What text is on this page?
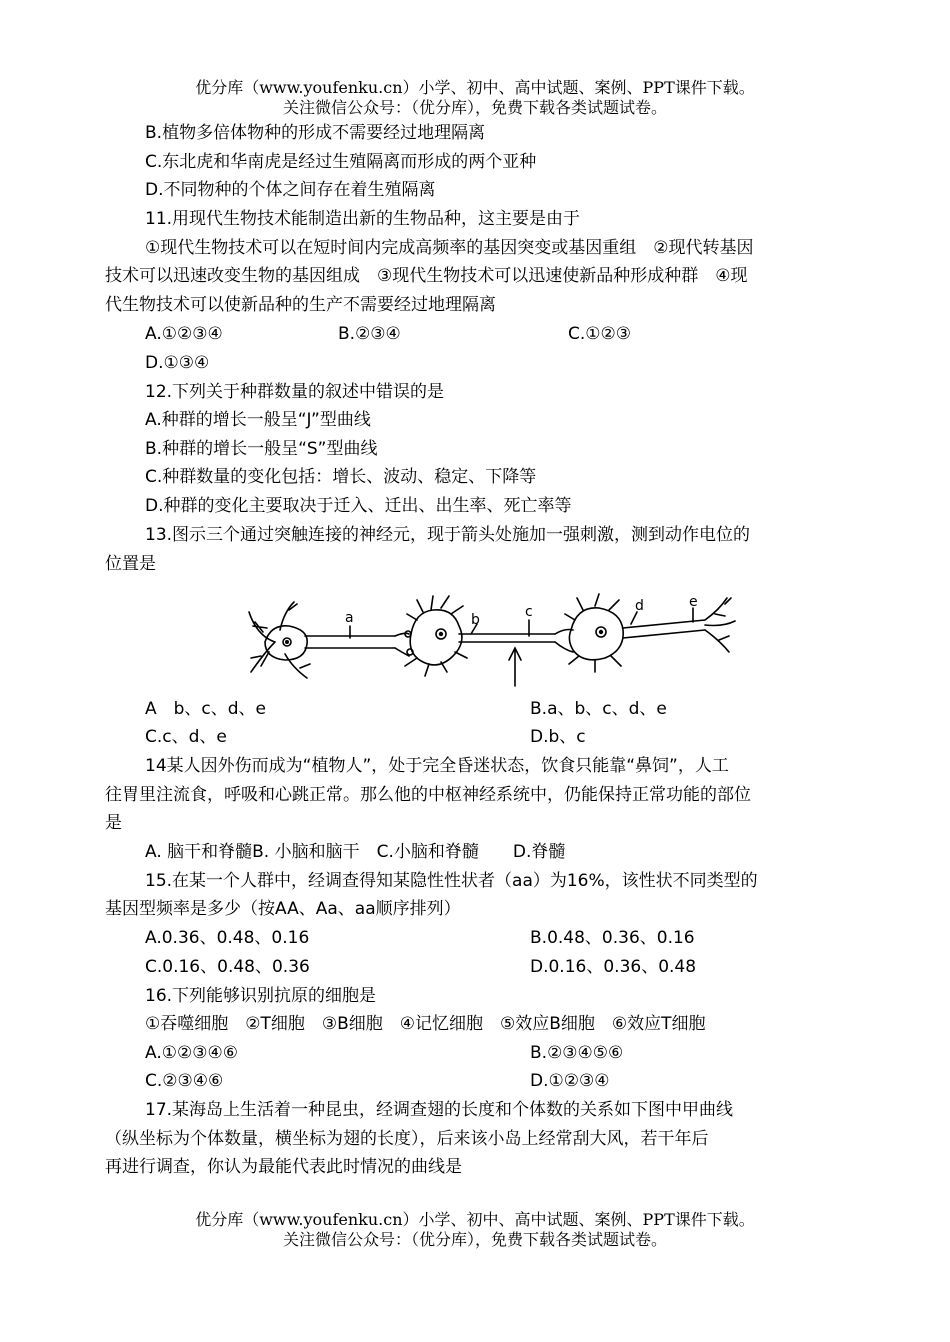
优分库（www.youfenku.cn）小学、初中、高中试题、案例、PPT课件下载。
关注微信公众号：（优分库），免费下载各类试题试卷。
B.植物多倍体物种的形成不需要经过地理隔离
C.东北虎和华南虎是经过生殖隔离而形成的两个亚种
D.不同物种的个体之间存在着生殖隔离
11.用现代生物技术能制造出新的生物品种，这主要是由于
①现代生物技术可以在短时间内完成高频率的基因突变或基因重组　②现代转基因
技术可以迅速改变生物的基因组成　③现代生物技术可以迅速使新品种形成种群　④现
代生物技术可以使新品种的生产不需要经过地理隔离
A.①②③④	B.②③④	C.①②③
D.①③④
12.下列关于种群数量的叙述中错误的是
A.种群的增长一般呈“J”型曲线
B.种群的增长一般呈“S”型曲线
C.种群数量的变化包括：增长、波动、稳定、下降等
D.种群的变化主要取决于迁入、迁出、出生率、死亡率等
13.图示三个通过突触连接的神经元，现于箭头处施加一强刺激，测到动作电位的
位置是
a	b	c	d	e
A　b、c、d、e	B.a、b、c、d、e
C.c、d、e	D.b、c
14某人因外伤而成为“植物人”，处于完全昏迷状态，饮食只能靠“鼻饲”，人工
往胃里注流食，呼吸和心跳正常。那么他的中枢神经系统中，仍能保持正常功能的部位
是
A. 脑干和脊髓B. 小脑和脑干　C.小脑和脊髓　　D.脊髓
15.在某一个人群中，经调查得知某隐性性状者（aa）为16%，该性状不同类型的
基因型频率是多少（按AA、Aa、aa顺序排列）
A.0.36、0.48、0.16	B.0.48、0.36、0.16
C.0.16、0.48、0.36	D.0.16、0.36、0.48
16.下列能够识别抗原的细胞是
①吞噬细胞　②T细胞　③B细胞　④记忆细胞　⑤效应B细胞　⑥效应T细胞
A.①②③④⑥	B.②③④⑤⑥
C.②③④⑥	D.①②③④
17.某海岛上生活着一种昆虫，经调查翅的长度和个体数的关系如下图中甲曲线
（纵坐标为个体数量，横坐标为翅的长度），后来该小岛上经常刮大风，若干年后
再进行调查，你认为最能代表此时情况的曲线是
优分库（www.youfenku.cn）小学、初中、高中试题、案例、PPT课件下载。
关注微信公众号：（优分库），免费下载各类试题试卷。
